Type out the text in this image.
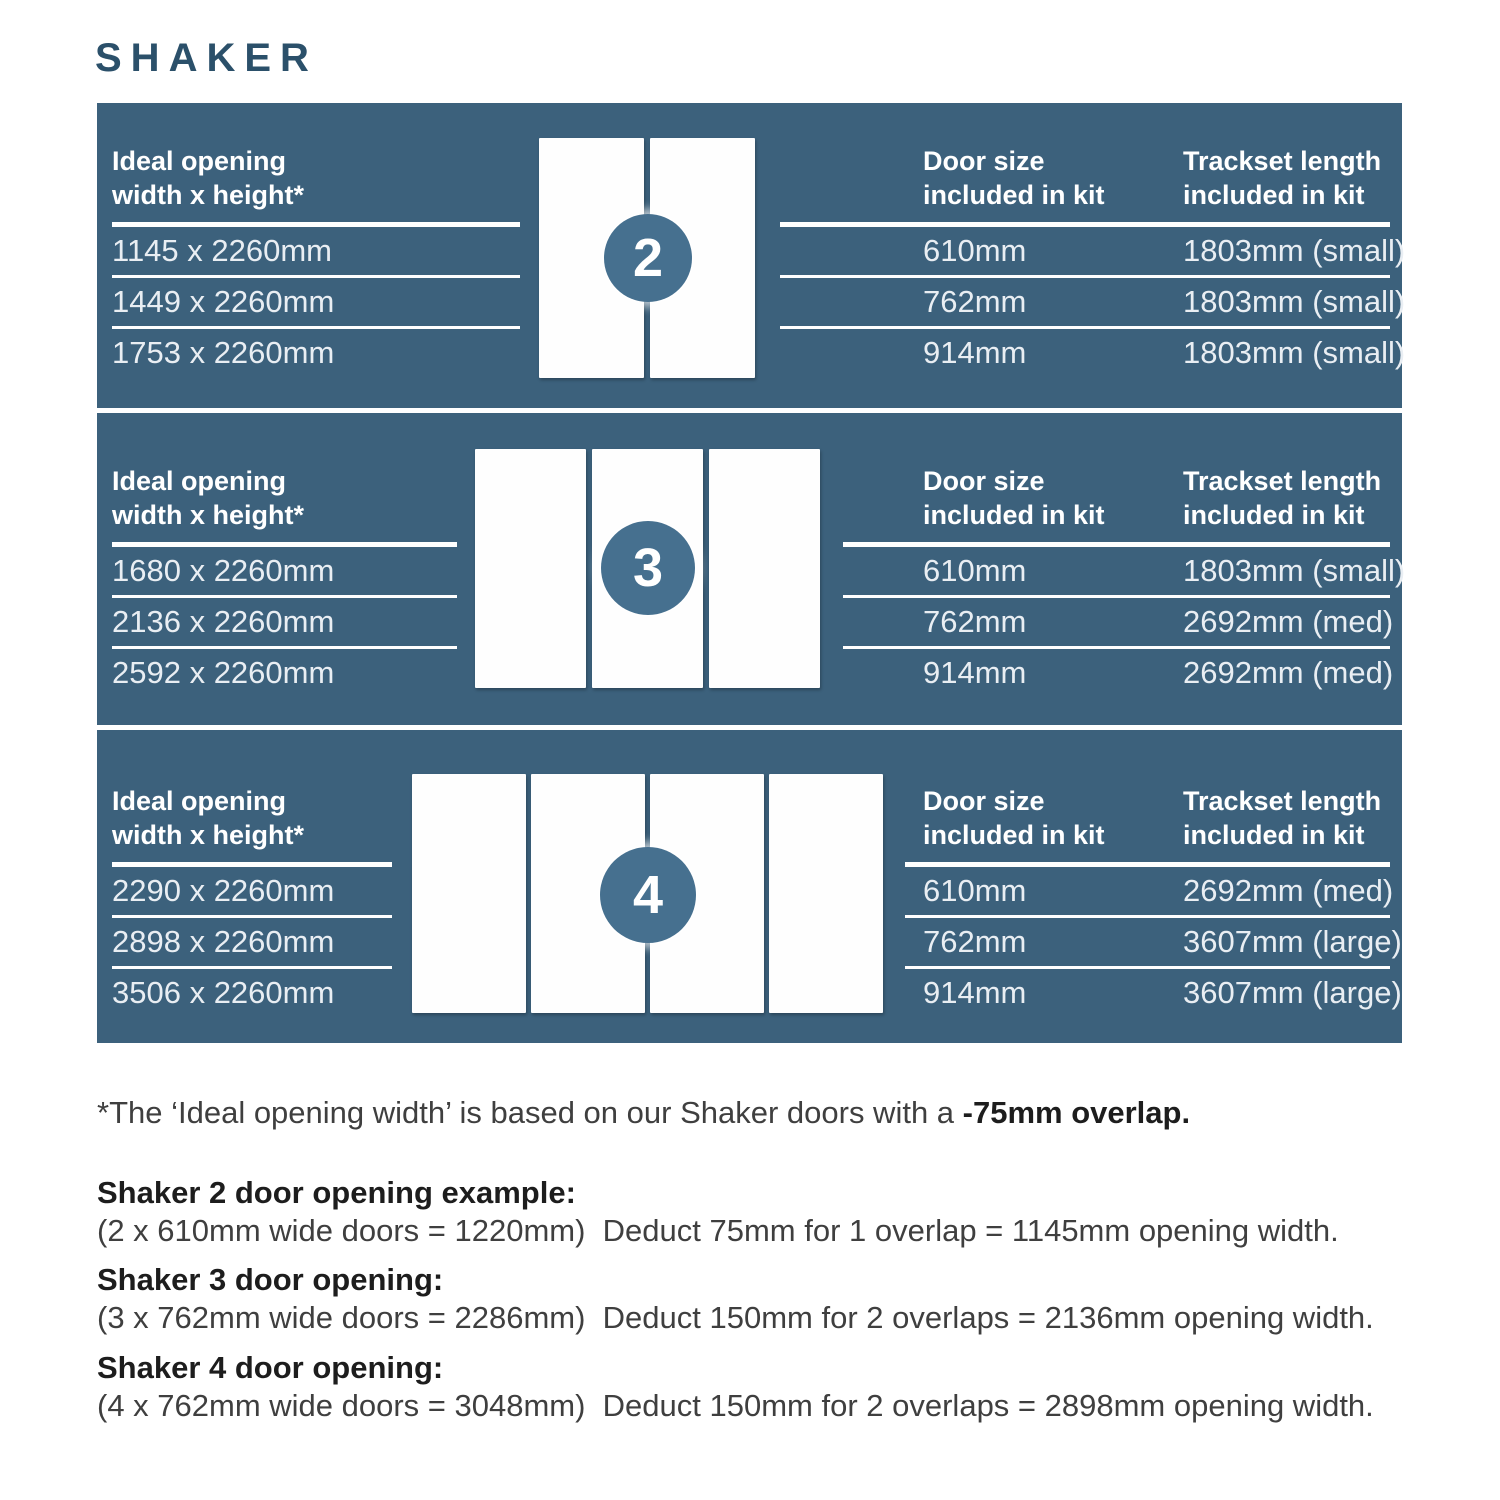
SHAKER
Ideal opening width x height*
1145 x 2260mm
1449 x 2260mm
1753 x 2260mm
2
Door size included in kit
Trackset length included in kit
610mm	1803mm (small)
762mm	1803mm (small)
914mm	1803mm (small)
Ideal opening width x height*
1680 x 2260mm
2136 x 2260mm
2592 x 2260mm
3
Door size included in kit
Trackset length included in kit
610mm	1803mm (small)
762mm	2692mm (med)
914mm	2692mm (med)
Ideal opening width x height*
2290 x 2260mm
2898 x 2260mm
3506 x 2260mm
4
Door size included in kit
Trackset length included in kit
610mm	2692mm (med)
762mm	3607mm (large)
914mm	3607mm (large)
*The ‘Ideal opening width’ is based on our Shaker doors with a -75mm overlap.
Shaker 2 door opening example:
(2 x 610mm wide doors = 1220mm)  Deduct 75mm for 1 overlap = 1145mm opening width.
Shaker 3 door opening:
(3 x 762mm wide doors = 2286mm)  Deduct 150mm for 2 overlaps = 2136mm opening width.
Shaker 4 door opening:
(4 x 762mm wide doors = 3048mm)  Deduct 150mm for 2 overlaps = 2898mm opening width.
